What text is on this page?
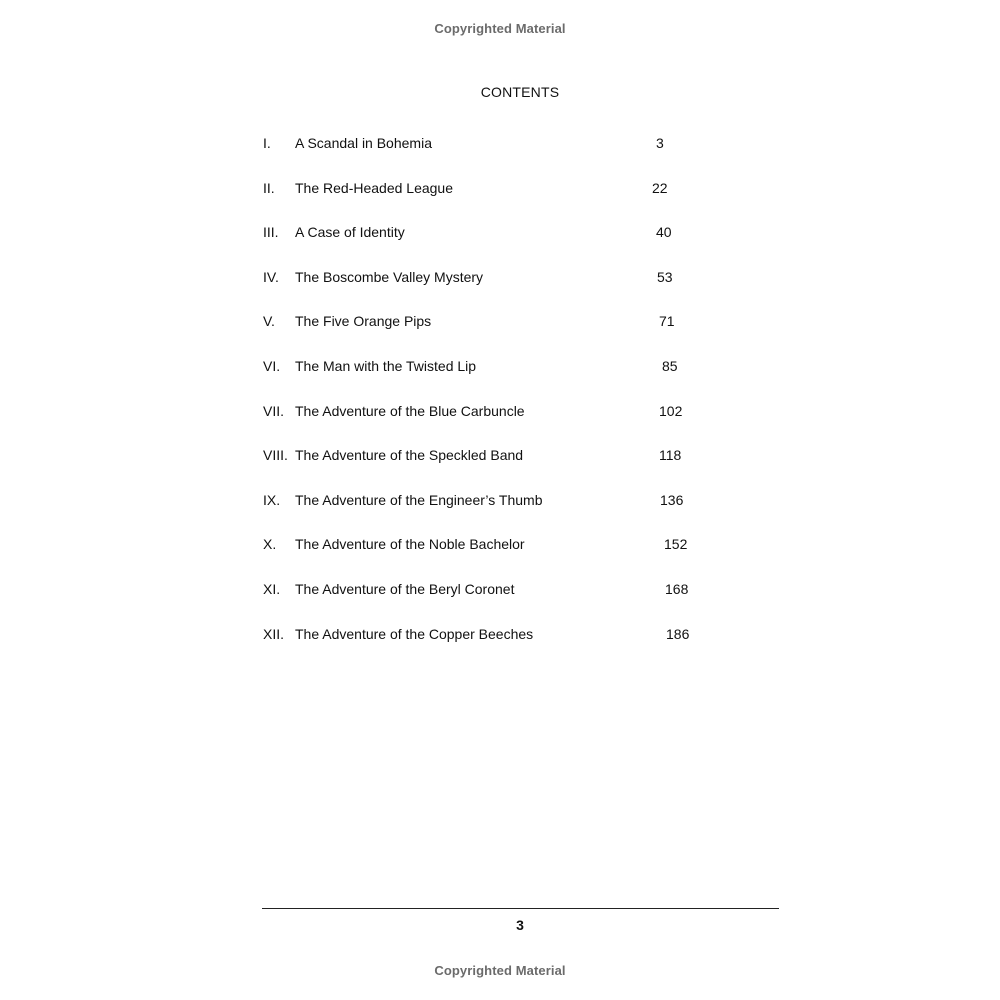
Copyrighted Material
CONTENTS
I. A Scandal in Bohemia	3
II. The Red-Headed League	22
III. A Case of Identity	40
IV. The Boscombe Valley Mystery	53
V. The Five Orange Pips	71
VI. The Man with the Twisted Lip	85
VII. The Adventure of the Blue Carbuncle	102
VIII. The Adventure of the Speckled Band	118
IX. The Adventure of the Engineer’s Thumb	136
X. The Adventure of the Noble Bachelor	152
XI. The Adventure of the Beryl Coronet	168
XII. The Adventure of the Copper Beeches	186
3
Copyrighted Material
